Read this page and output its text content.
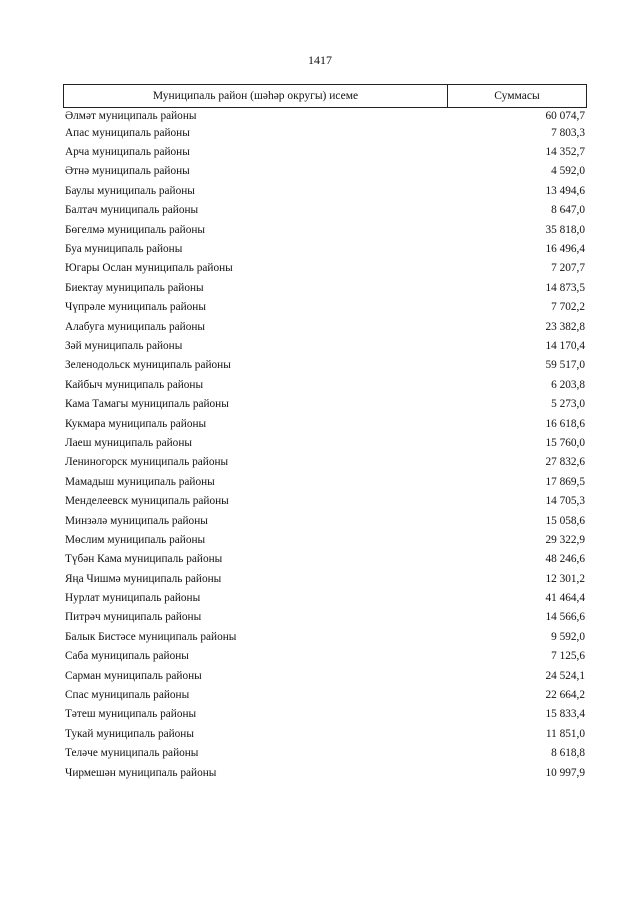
1417
Муниципаль район (шәһәр округы) исеме	Суммасы
Әлмәт муниципаль районы	60 074,7
Апас муниципаль районы	7 803,3
Арча муниципаль районы	14 352,7
Әтнә муниципаль районы	4 592,0
Баулы муниципаль районы	13 494,6
Балтач муниципаль районы	8 647,0
Бөгелмә муниципаль районы	35 818,0
Буа муниципаль районы	16 496,4
Югары Ослан муниципаль районы	7 207,7
Биектау муниципаль районы	14 873,5
Чүпрәле муниципаль районы	7 702,2
Алабуга муниципаль районы	23 382,8
Зәй муниципаль районы	14 170,4
Зеленодольск муниципаль районы	59 517,0
Кайбыч муниципаль районы	6 203,8
Кама Тамагы муниципаль районы	5 273,0
Кукмара муниципаль районы	16 618,6
Лаеш муниципаль районы	15 760,0
Лениногорск муниципаль районы	27 832,6
Мамадыш муниципаль районы	17 869,5
Менделеевск муниципаль районы	14 705,3
Минзәлә муниципаль районы	15 058,6
Мөслим муниципаль районы	29 322,9
Түбән Кама муниципаль районы	48 246,6
Яңа Чишмә муниципаль районы	12 301,2
Нурлат муниципаль районы	41 464,4
Питрәч муниципаль районы	14 566,6
Балык Бистәсе муниципаль районы	9 592,0
Саба муниципаль районы	7 125,6
Сарман муниципаль районы	24 524,1
Спас муниципаль районы	22 664,2
Тәтеш муниципаль районы	15 833,4
Тукай муниципаль районы	11 851,0
Теләче муниципаль районы	8 618,8
Чирмешән муниципаль районы	10 997,9
